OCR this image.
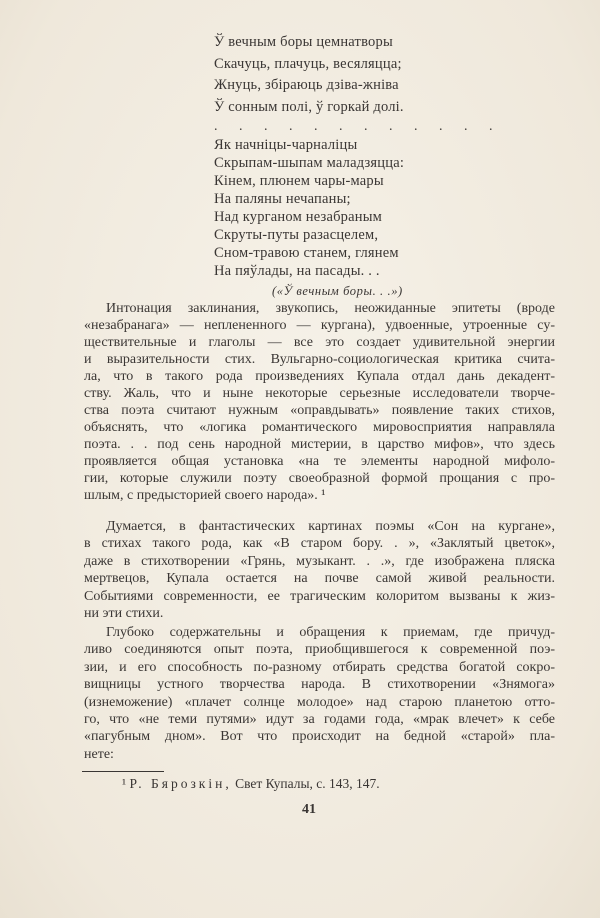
Ў вечным боры цемнатворы
Скачуць, плачуць, весяляцца;
Жнуць, збіраюць дзіва-жніва
Ў сонным полі, ў горкай долі.
Як начніцы-чарналіцы
Скрыпам-шыпам маладзяцца:
Кінем, плюнем чары-мары
На паляны нечапаны;
Над курганом незабраным
Скруты-путы разасцелем,
Сном-травою станем, глянем
На пяўлады, на пасады. . .
. . . . . . . . . . . .
(«Ў вечным боры. . .»)
Интонация заклинания, звукопись, неожиданные эпитеты (вроде
«незабранага» — непленeнного — кургана), удвоенные, утроенные су-
ществительные и глаголы — все это создает удивительной энергии
и выразительности стих. Вульгарно-социологическая критика счита-
ла, что в такого рода произведениях Купала отдал дань декадент-
ству. Жаль, что и ныне некоторые серьезные исследователи творче-
ства поэта считают нужным «оправдывать» появление таких стихов,
объяснять, что «логика романтического мировосприятия направляла
поэта. . . под сень народной мистерии, в царство мифов», что здесь
проявляется общая установка «на те элементы народной мифоло-
гии, которые служили поэту своеобразной формой прощания с про-
шлым, с предысторией своего народа». ¹
Думается, в фантастических картинах поэмы «Сон на кургане»,
в стихах такого рода, как «В старом бору. . », «Заклятый цветок»,
даже в стихотворении «Грянь, музыкант. . .», где изображена пляска
мертвецов, Купала остается на почве самой живой реальности.
Событиями современности, ее трагическим колоритом вызваны к жиз-
ни эти стихи.
Глубоко содержательны и обращения к приемам, где причуд-
ливо соединяются опыт поэта, приобщившегося к современной поэ-
зии, и его способность по-разному отбирать средства богатой сокро-
вищницы устного творчества народа. В стихотворении «Знямога»
(изнеможение) «плачет солнце молодое» над старою планетою отто-
го, что «не теми путями» идут за годами года, «мрак влечет» к себе
«пагубным дном». Вот что происходит на бедной «старой» пла-
нете:
¹ Р. Бярозкін, Свет Купалы, с. 143, 147.
41
